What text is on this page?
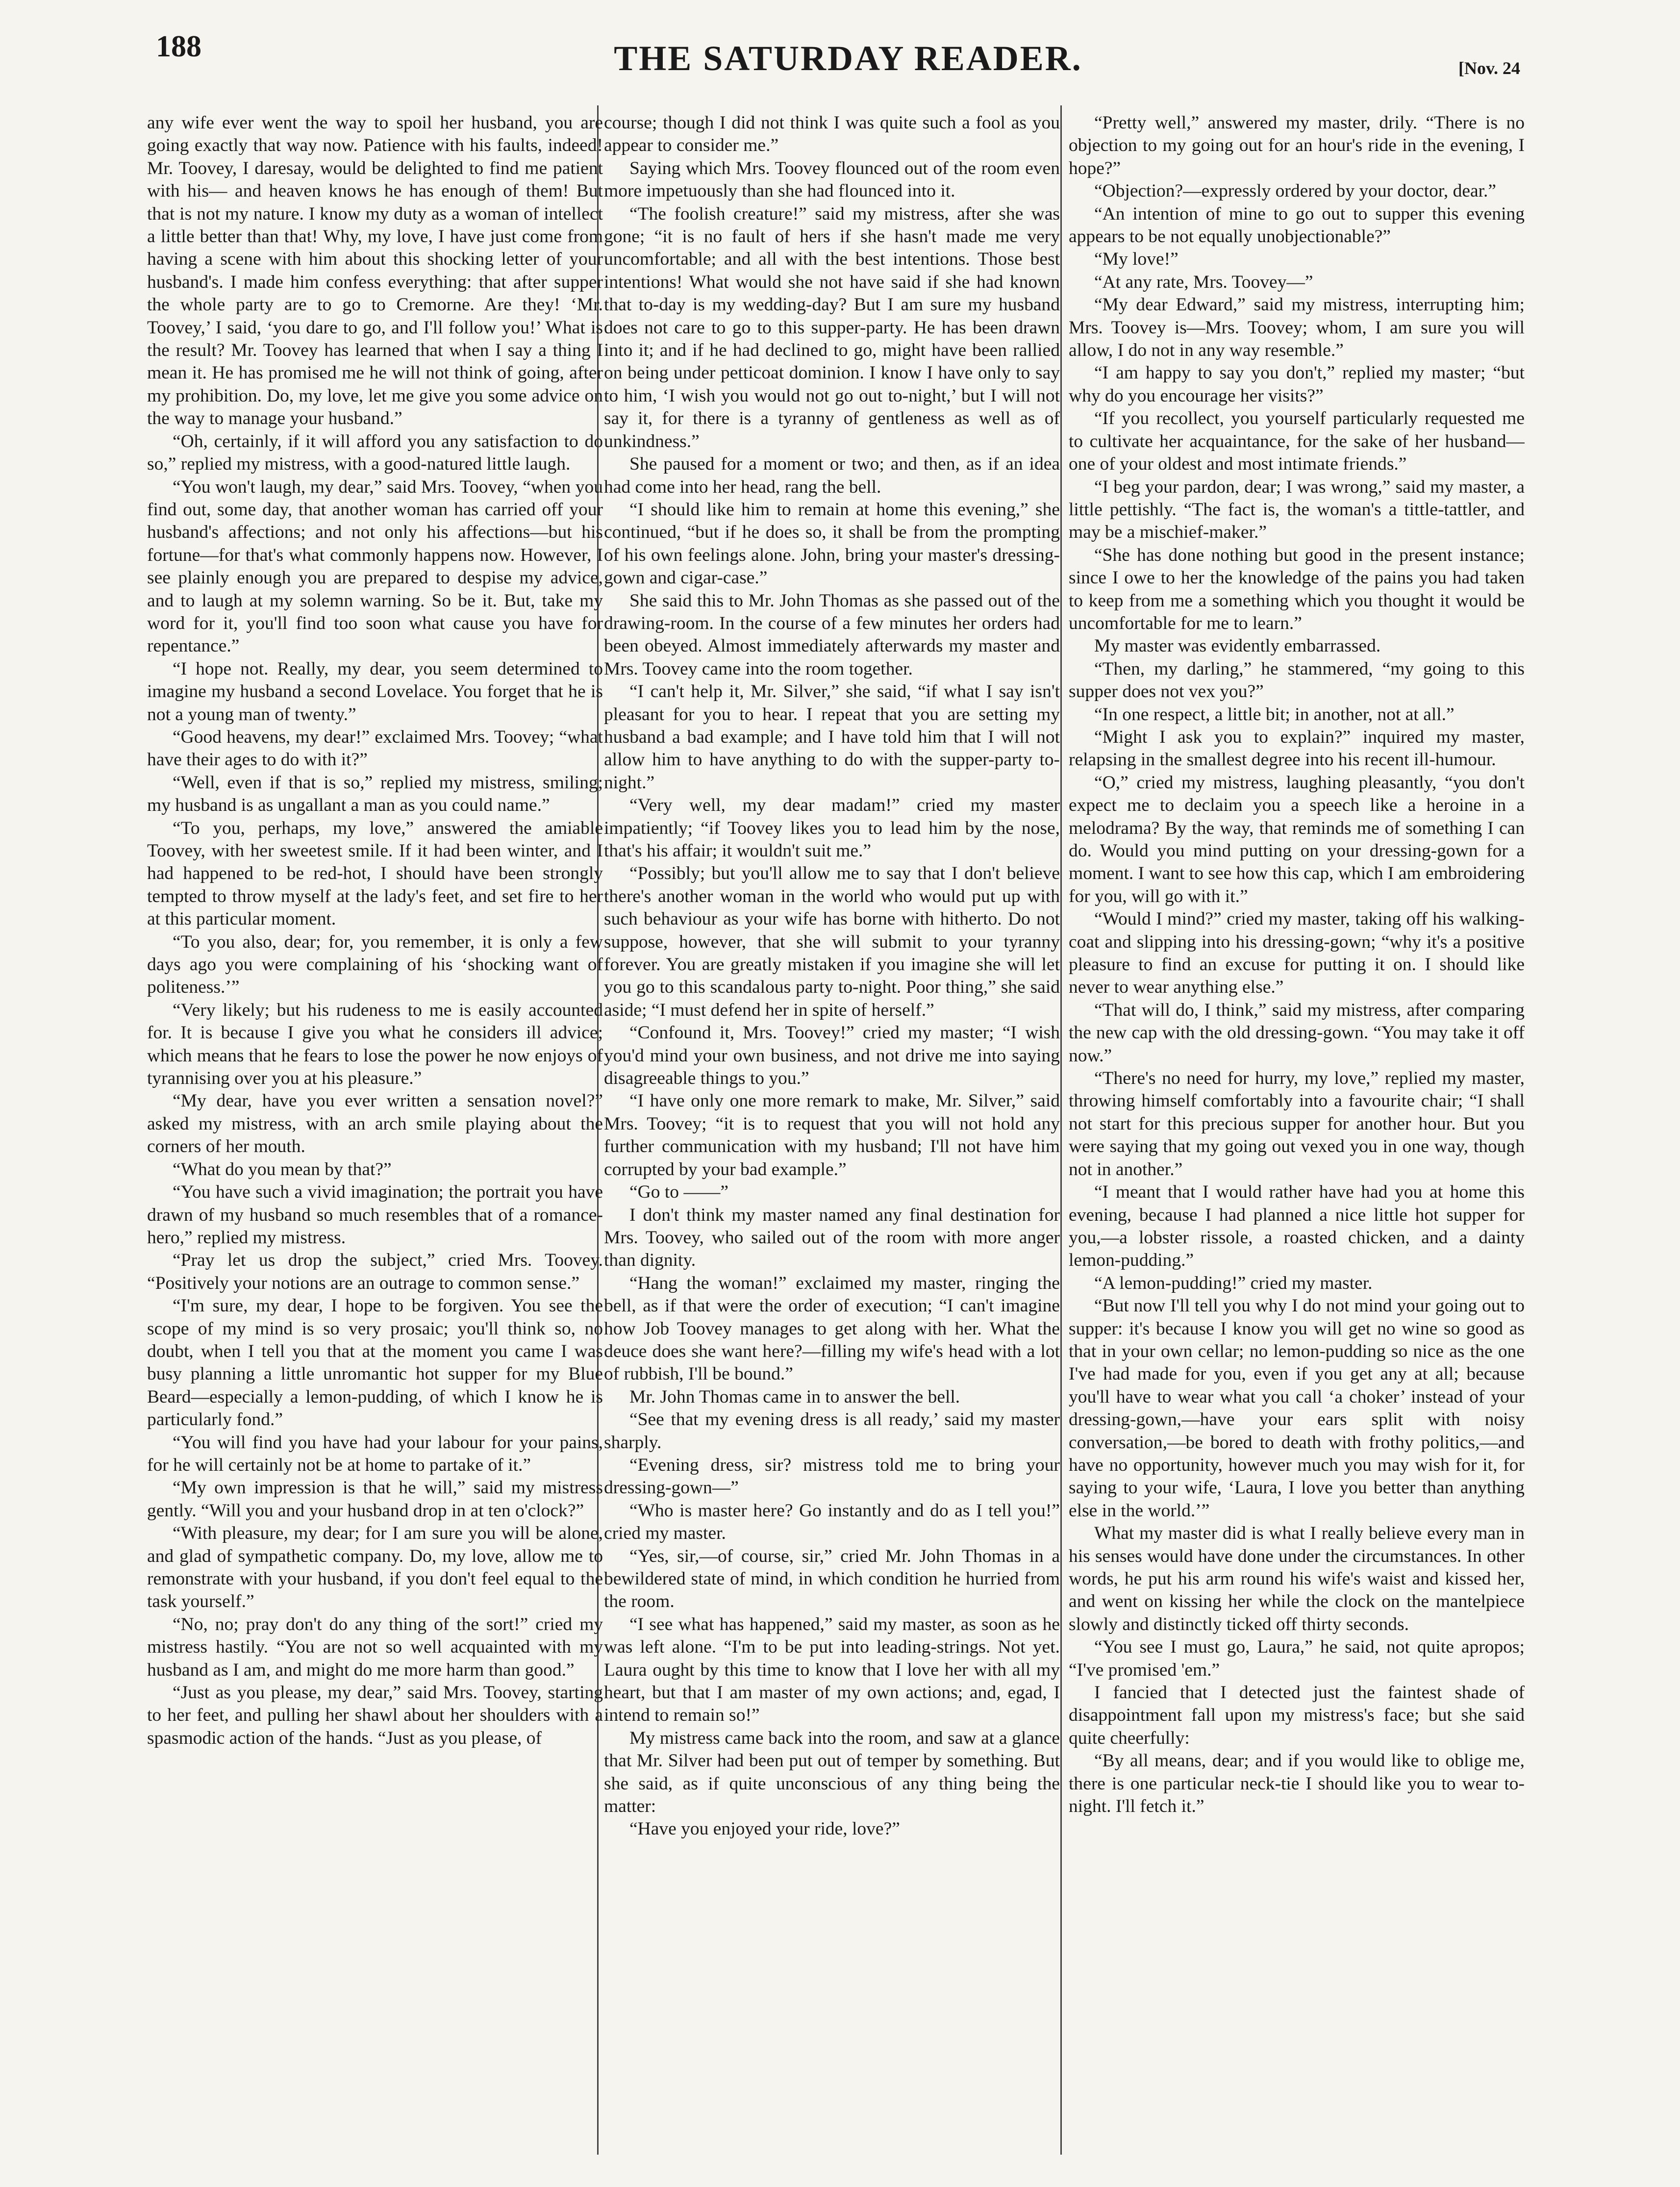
188	THE SATURDAY READER.	[Nov. 24

any wife ever went the way to spoil her husband, you are going exactly that way now. Patience with his faults, indeed! Mr. Toovey, I daresay, would be delighted to find me patient with his— and heaven knows he has enough of them! But that is not my nature. I know my duty as a woman of intellect a little better than that! Why, my love, I have just come from having a scene with him about this shocking letter of your husband's. I made him confess everything: that after supper the whole party are to go to Cremorne. Are they! ‘Mr. Toovey,’ I said, ‘you dare to go, and I'll follow you!’ What is the result? Mr. Toovey has learned that when I say a thing I mean it. He has promised me he will not think of going, after my prohibition. Do, my love, let me give you some advice on the way to manage your husband.”

“Oh, certainly, if it will afford you any satisfaction to do so,” replied my mistress, with a good-natured little laugh.

“You won't laugh, my dear,” said Mrs. Toovey, “when you find out, some day, that another woman has carried off your husband's affections; and not only his affections—but his fortune—for that's what commonly happens now. However, I see plainly enough you are prepared to despise my advice, and to laugh at my solemn warning. So be it. But, take my word for it, you'll find too soon what cause you have for repentance.”

“I hope not. Really, my dear, you seem determined to imagine my husband a second Lovelace. You forget that he is not a young man of twenty.”

“Good heavens, my dear!” exclaimed Mrs. Toovey; “what have their ages to do with it?”

“Well, even if that is so,” replied my mistress, smiling; my husband is as ungallant a man as you could name.”

“To you, perhaps, my love,” answered the amiable Toovey, with her sweetest smile. If it had been winter, and I had happened to be red-hot, I should have been strongly tempted to throw myself at the lady's feet, and set fire to her at this particular moment.

“To you also, dear; for, you remember, it is only a few days ago you were complaining of his ‘shocking want of politeness.’”

“Very likely; but his rudeness to me is easily accounted for. It is because I give you what he considers ill advice; which means that he fears to lose the power he now enjoys of tyrannising over you at his pleasure.”

“My dear, have you ever written a sensation novel?” asked my mistress, with an arch smile playing about the corners of her mouth.

“What do you mean by that?”

“You have such a vivid imagination; the portrait you have drawn of my husband so much resembles that of a romance-hero,” replied my mistress.

“Pray let us drop the subject,” cried Mrs. Toovey. “Positively your notions are an outrage to common sense.”

“I'm sure, my dear, I hope to be forgiven. You see the scope of my mind is so very prosaic; you'll think so, no doubt, when I tell you that at the moment you came I was busy planning a little unromantic hot supper for my Blue Beard—especially a lemon-pudding, of which I know he is particularly fond.”

“You will find you have had your labour for your pains, for he will certainly not be at home to partake of it.”

“My own impression is that he will,” said my mistress gently. “Will you and your husband drop in at ten o'clock?”

“With pleasure, my dear; for I am sure you will be alone, and glad of sympathetic company. Do, my love, allow me to remonstrate with your husband, if you don't feel equal to the task yourself.”

“No, no; pray don't do any thing of the sort!” cried my mistress hastily. “You are not so well acquainted with my husband as I am, and might do me more harm than good.”

“Just as you please, my dear,” said Mrs. Toovey, starting to her feet, and pulling her shawl about her shoulders with a spasmodic action of the hands. “Just as you please, of

course; though I did not think I was quite such a fool as you appear to consider me.”

Saying which Mrs. Toovey flounced out of the room even more impetuously than she had flounced into it.

“The foolish creature!” said my mistress, after she was gone; “it is no fault of hers if she hasn't made me very uncomfortable; and all with the best intentions. Those best intentions! What would she not have said if she had known that to-day is my wedding-day? But I am sure my husband does not care to go to this supper-party. He has been drawn into it; and if he had declined to go, might have been rallied on being under petticoat dominion. I know I have only to say to him, ‘I wish you would not go out to-night,’ but I will not say it, for there is a tyranny of gentleness as well as of unkindness.”

She paused for a moment or two; and then, as if an idea had come into her head, rang the bell.

“I should like him to remain at home this evening,” she continued, “but if he does so, it shall be from the prompting of his own feelings alone. John, bring your master's dressing-gown and cigar-case.”

She said this to Mr. John Thomas as she passed out of the drawing-room. In the course of a few minutes her orders had been obeyed. Almost immediately afterwards my master and Mrs. Toovey came into the room together.

“I can't help it, Mr. Silver,” she said, “if what I say isn't pleasant for you to hear. I repeat that you are setting my husband a bad example; and I have told him that I will not allow him to have anything to do with the supper-party to-night.”

“Very well, my dear madam!” cried my master impatiently; “if Toovey likes you to lead him by the nose, that's his affair; it wouldn't suit me.”

“Possibly; but you'll allow me to say that I don't believe there's another woman in the world who would put up with such behaviour as your wife has borne with hitherto. Do not suppose, however, that she will submit to your tyranny forever. You are greatly mistaken if you imagine she will let you go to this scandalous party to-night. Poor thing,” she said aside; “I must defend her in spite of herself.”

“Confound it, Mrs. Toovey!” cried my master; “I wish you'd mind your own business, and not drive me into saying disagreeable things to you.”

“I have only one more remark to make, Mr. Silver,” said Mrs. Toovey; “it is to request that you will not hold any further communication with my husband; I'll not have him corrupted by your bad example.”

“Go to ——”

I don't think my master named any final destination for Mrs. Toovey, who sailed out of the room with more anger than dignity.

“Hang the woman!” exclaimed my master, ringing the bell, as if that were the order of execution; “I can't imagine how Job Toovey manages to get along with her. What the deuce does she want here?—filling my wife's head with a lot of rubbish, I'll be bound.”

Mr. John Thomas came in to answer the bell.

“See that my evening dress is all ready,’ said my master sharply.

“Evening dress, sir? mistress told me to bring your dressing-gown—”

“Who is master here? Go instantly and do as I tell you!” cried my master.

“Yes, sir,—of course, sir,” cried Mr. John Thomas in a bewildered state of mind, in which condition he hurried from the room.

“I see what has happened,” said my master, as soon as he was left alone. “I'm to be put into leading-strings. Not yet. Laura ought by this time to know that I love her with all my heart, but that I am master of my own actions; and, egad, I intend to remain so!”

My mistress came back into the room, and saw at a glance that Mr. Silver had been put out of temper by something. But she said, as if quite unconscious of any thing being the matter:

“Have you enjoyed your ride, love?”

“Pretty well,” answered my master, drily. “There is no objection to my going out for an hour's ride in the evening, I hope?”

“Objection?—expressly ordered by your doctor, dear.”

“An intention of mine to go out to supper this evening appears to be not equally unobjectionable?”

“My love!”

“At any rate, Mrs. Toovey—”

“My dear Edward,” said my mistress, interrupting him; Mrs. Toovey is—Mrs. Toovey; whom, I am sure you will allow, I do not in any way resemble.”

“I am happy to say you don't,” replied my master; “but why do you encourage her visits?”

“If you recollect, you yourself particularly requested me to cultivate her acquaintance, for the sake of her husband—one of your oldest and most intimate friends.”

“I beg your pardon, dear; I was wrong,” said my master, a little pettishly. “The fact is, the woman's a tittle-tattler, and may be a mischief-maker.”

“She has done nothing but good in the present instance; since I owe to her the knowledge of the pains you had taken to keep from me a something which you thought it would be uncomfortable for me to learn.”

My master was evidently embarrassed.

“Then, my darling,” he stammered, “my going to this supper does not vex you?”

“In one respect, a little bit; in another, not at all.”

“Might I ask you to explain?” inquired my master, relapsing in the smallest degree into his recent ill-humour.

“O,” cried my mistress, laughing pleasantly, “you don't expect me to declaim you a speech like a heroine in a melodrama? By the way, that reminds me of something I can do. Would you mind putting on your dressing-gown for a moment. I want to see how this cap, which I am embroidering for you, will go with it.”

“Would I mind?” cried my master, taking off his walking-coat and slipping into his dressing-gown; “why it's a positive pleasure to find an excuse for putting it on. I should like never to wear anything else.”

“That will do, I think,” said my mistress, after comparing the new cap with the old dressing-gown. “You may take it off now.”

“There's no need for hurry, my love,” replied my master, throwing himself comfortably into a favourite chair; “I shall not start for this precious supper for another hour. But you were saying that my going out vexed you in one way, though not in another.”

“I meant that I would rather have had you at home this evening, because I had planned a nice little hot supper for you,—a lobster rissole, a roasted chicken, and a dainty lemon-pudding.”

“A lemon-pudding!” cried my master.

“But now I'll tell you why I do not mind your going out to supper: it's because I know you will get no wine so good as that in your own cellar; no lemon-pudding so nice as the one I've had made for you, even if you get any at all; because you'll have to wear what you call ‘a choker’ instead of your dressing-gown,—have your ears split with noisy conversation,—be bored to death with frothy politics,—and have no opportunity, however much you may wish for it, for saying to your wife, ‘Laura, I love you better than anything else in the world.’”

What my master did is what I really believe every man in his senses would have done under the circumstances. In other words, he put his arm round his wife's waist and kissed her, and went on kissing her while the clock on the mantelpiece slowly and distinctly ticked off thirty seconds.

“You see I must go, Laura,” he said, not quite apropos; “I've promised 'em.”

I fancied that I detected just the faintest shade of disappointment fall upon my mistress's face; but she said quite cheerfully:

“By all means, dear; and if you would like to oblige me, there is one particular neck-tie I should like you to wear to-night. I'll fetch it.”
